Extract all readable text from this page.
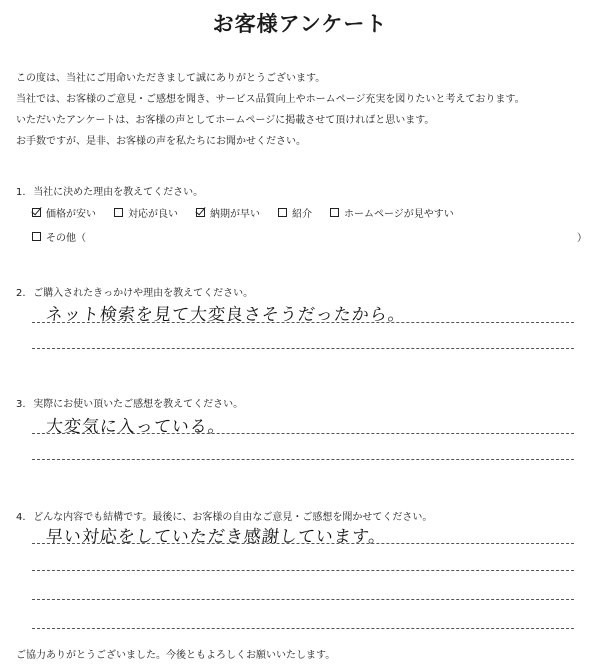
お客様アンケート

この度は、当社にご用命いただきまして誠にありがとうございます。

当社では、お客様のご意見・ご感想を聞き、サービス品質向上やホームページ充実を図りたいと考えております。

いただいたアンケートは、お客様の声としてホームページに掲載させて頂ければと思います。

お手数ですが、是非、お客様の声を私たちにお聞かせください。

1. 当社に決めた理由を教えてください。
価格が安い	対応が良い	納期が早い	紹介	ホームページが見やすい
その他（	）
2. ご購入されたきっかけや理由を教えてください。
ネット検索を見て大変良さそうだったから。
3. 実際にお使い頂いたご感想を教えてください。
大変気に入っている。
4. どんな内容でも結構です。最後に、お客様の自由なご意見・ご感想を聞かせてください。
早い対応をしていただき感謝しています。
ご協力ありがとうございました。今後ともよろしくお願いいたします。
